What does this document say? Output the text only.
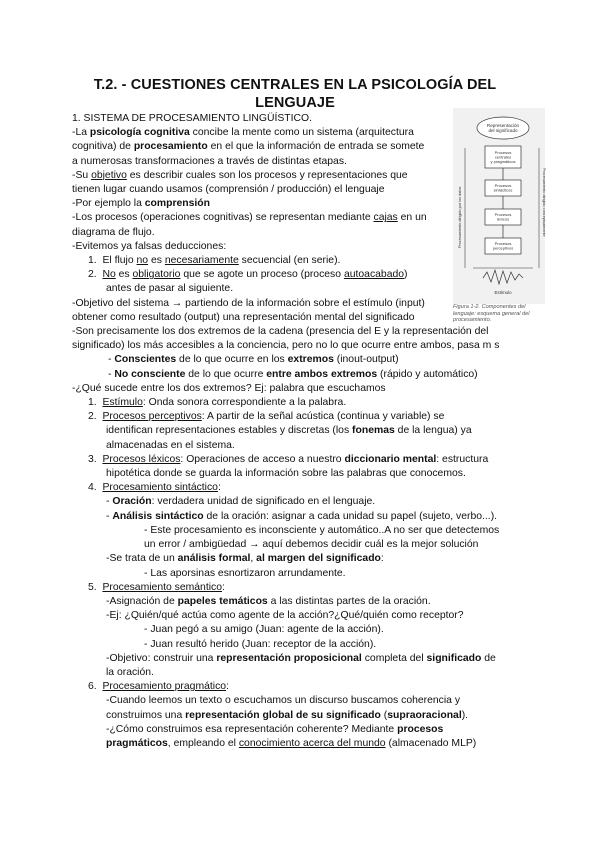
T.2. - CUESTIONES CENTRALES EN LA PSICOLOGÍA DEL
LENGUAJE
1. SISTEMA DE PROCESAMIENTO LINGÜÍSTICO.
-La psicología cognitiva concibe la mente como un sistema (arquitectura
cognitiva) de procesamiento en el que la información de entrada se somete
a numerosas transformaciones a través de distintas etapas.
-Su objetivo es describir cuales son los procesos y representaciones que
tienen lugar cuando usamos (comprensión / producción) el lenguaje
-Por ejemplo la comprensión
-Los procesos (operaciones cognitivas) se representan mediante cajas en un
diagrama de flujo.
-Evitemos ya falsas deducciones:
1. El flujo no es necesariamente secuencial (en serie).
2. No es obligatorio que se agote un proceso (proceso autoacabado)
antes de pasar al siguiente.
-Objetivo del sistema → partiendo de la información sobre el estímulo (input)
obtener como resultado (output) una representación mental del significado
-Son precisamente los dos extremos de la cadena (presencia del E y la representación del
significado) los más accesibles a la conciencia, pero no lo que ocurre entre ambos, pasa m s
- Conscientes de lo que ocurre en los extremos (inout-output)
- No consciente de lo que ocurre entre ambos extremos (rápido y automático)
-¿Qué sucede entre los dos extremos? Ej: palabra que escuchamos
1. Estímulo: Onda sonora correspondiente a la palabra.
2. Procesos perceptivos: A partir de la señal acústica (continua y variable) se
identifican representaciones estables y discretas (los fonemas de la lengua) ya
almacenadas en el sistema.
3. Procesos léxicos: Operaciones de acceso a nuestro diccionario mental: estructura
hipotética donde se guarda la información sobre las palabras que conocemos.
4. Procesamiento sintáctico:
- Oración: verdadera unidad de significado en el lenguaje.
- Análisis sintáctico de la oración: asignar a cada unidad su papel (sujeto, verbo...).
- Este procesamiento es inconsciente y automático..A no ser que detectemos
un error / ambigüedad → aquí debemos decidir cuál es la mejor solución
-Se trata de un análisis formal, al margen del significado:
- Las aporsinas esnortizaron arrundamente.
5. Procesamiento semántico:
-Asignación de papeles temáticos a las distintas partes de la oración.
-Ej: ¿Quién/qué actúa como agente de la acción?¿Qué/quién como receptor?
- Juan pegó a su amigo (Juan: agente de la acción).
- Juan resultó herido (Juan: receptor de la acción).
-Objetivo: construir una representación proposicional completa del significado de
la oración.
6. Procesamiento pragmático:
-Cuando leemos un texto o escuchamos un discurso buscamos coherencia y
construimos una representación global de su significado (supraoracional).
-¿Cómo construimos esa representación coherente? Mediante procesos
pragmáticos, empleando el conocimiento acerca del mundo (almacenado MLP)
Representación del significado
Procesamiento dirigido por los datos	Procesamiento dirigido conceptualmente
Procesos centrales y pragmáticos
Procesos sintácticos
Procesos léxicos
Procesos perceptivos
Estímulo
Figura 1-2. Componentes del lenguaje: esquema general del procesamiento.
